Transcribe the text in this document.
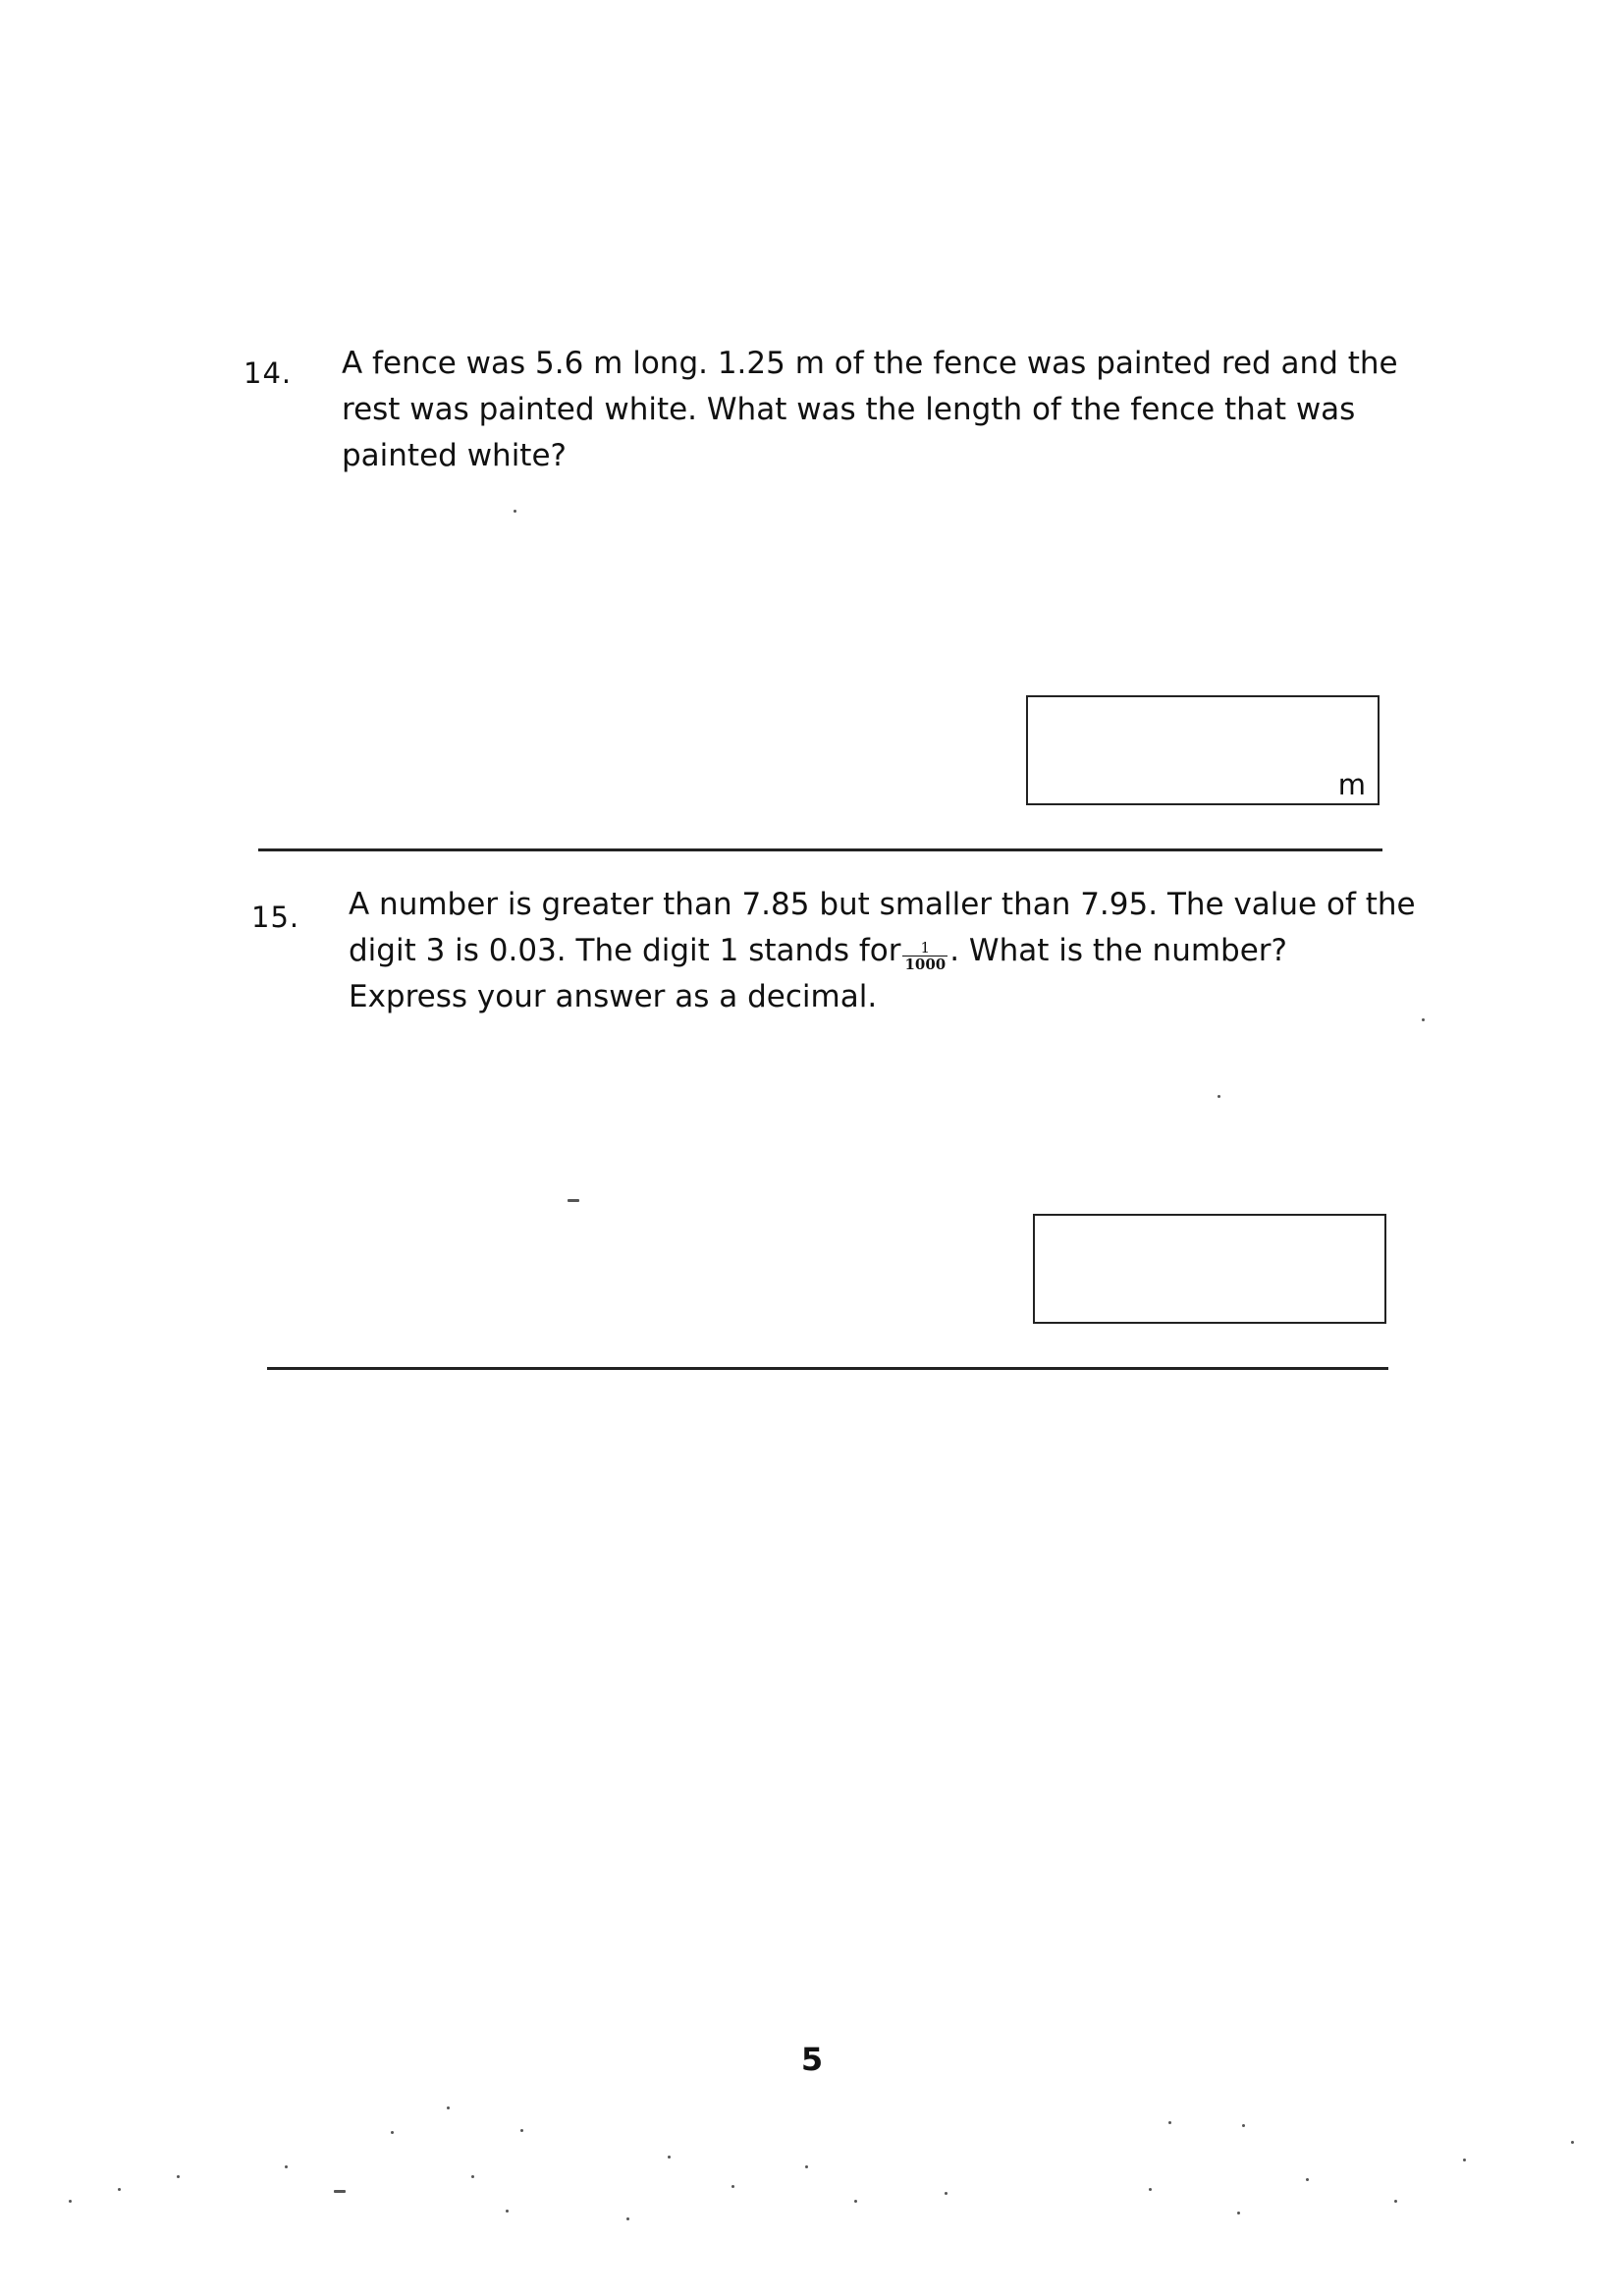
14. A fence was 5.6 m long. 1.25 m of the fence was painted red and the
rest was painted white. What was the length of the fence that was
painted white?
m
15. A number is greater than 7.85 but smaller than 7.95. The value of the
digit 3 is 0.03. The digit 1 stands for $\frac{1}{1000}$ . What is the number?
Express your answer as a decimal.
5
